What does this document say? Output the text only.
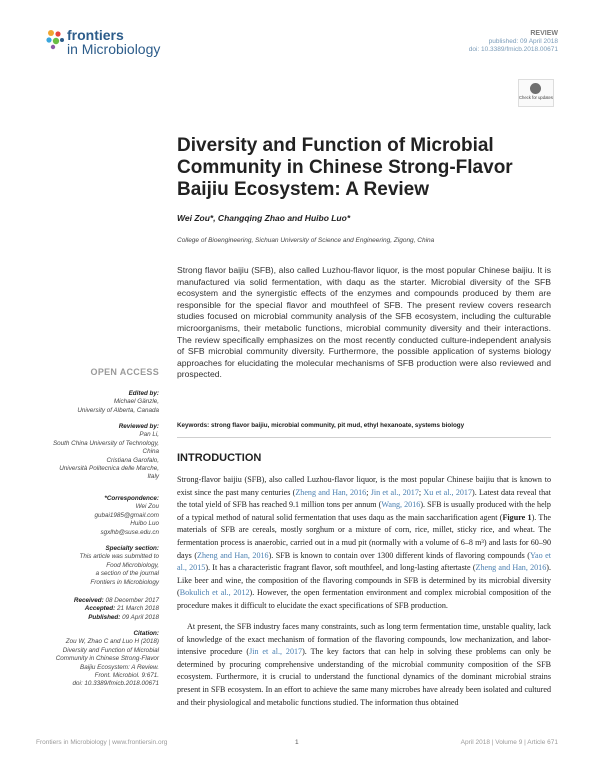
frontiers
in Microbiology
REVIEW
published: 09 April 2018
doi: 10.3389/fmicb.2018.00671
Check for updates
Diversity and Function of Microbial Community in Chinese Strong-Flavor Baijiu Ecosystem: A Review
Wei Zou*, Changqing Zhao and Huibo Luo*
College of Bioengineering, Sichuan University of Science and Engineering, Zigong, China
Strong flavor baijiu (SFB), also called Luzhou-flavor liquor, is the most popular Chinese baijiu. It is manufactured via solid fermentation, with daqu as the starter. Microbial diversity of the SFB ecosystem and the synergistic effects of the enzymes and compounds produced by them are responsible for the special flavor and mouthfeel of SFB. The present review covers research studies focused on microbial community analysis of the SFB ecosystem, including the culturable microorganisms, their metabolic functions, microbial community diversity and their interactions. The review specifically emphasizes on the most recently conducted culture-independent analysis of SFB microbial community diversity. Furthermore, the possible application of systems biology approaches for elucidating the molecular mechanisms of SFB production were also reviewed and prospected.
Keywords: strong flavor baijiu, microbial community, pit mud, ethyl hexanoate, systems biology
OPEN ACCESS
Edited by:
Michael Gänzle,
University of Alberta, Canada
Reviewed by:
Pan Li,
South China University of Technology,
China
Cristiana Garofalo,
Università Politecnica delle Marche,
Italy
*Correspondence:
Wei Zou
gubai1985@gmail.com
Huibo Luo
sgxlhb@suse.edu.cn
Specialty section:
This article was submitted to
Food Microbiology,
a section of the journal
Frontiers in Microbiology
Received: 08 December 2017
Accepted: 21 March 2018
Published: 09 April 2018
Citation:
Zou W, Zhao C and Luo H (2018)
Diversity and Function of Microbial
Community in Chinese Strong-Flavor
Baijiu Ecosystem: A Review.
Front. Microbiol. 9:671.
doi: 10.3389/fmicb.2018.00671
INTRODUCTION
Strong-flavor baijiu (SFB), also called Luzhou-flavor liquor, is the most popular Chinese baijiu that is known to exist since the past many centuries (Zheng and Han, 2016; Jin et al., 2017; Xu et al., 2017). Latest data reveal that the total yield of SFB has reached 9.1 million tons per annum (Wang, 2016). SFB is usually produced with the help of a typical method of natural solid fermentation that uses daqu as the main saccharification agent (Figure 1). The materials of SFB are cereals, mostly sorghum or a mixture of corn, rice, millet, sticky rice, and wheat. The fermentation process is anaerobic, carried out in a mud pit (normally with a volume of 6–8 m³) and lasts for 60–90 days (Zheng and Han, 2016). SFB is known to contain over 1300 different kinds of flavoring compounds (Yao et al., 2015). It has a characteristic fragrant flavor, soft mouthfeel, and long-lasting aftertaste (Zheng and Han, 2016). Like beer and wine, the composition of the flavoring compounds in SFB is determined by its microbial diversity (Bokulich et al., 2012). However, the open fermentation environment and complex microbial composition of the procedure makes it difficult to elucidate the exact specifications of SFB production.
At present, the SFB industry faces many constraints, such as long term fermentation time, unstable quality, lack of knowledge of the exact mechanism of formation of the flavoring compounds, low mechanization, and labor-intensive procedure (Jin et al., 2017). The key factors that can help in solving these problems can only be determined by procuring comprehensive understanding of the microbial community composition of the SFB ecosystem. Furthermore, it is crucial to understand the functional dynamics of the dominant microbial strains present in SFB ecosystem. In an effort to achieve the same many microbes have already been isolated and cultured and their physiological and metabolic functions studied. The information thus obtained
Frontiers in Microbiology | www.frontiersin.org	1	April 2018 | Volume 9 | Article 671
